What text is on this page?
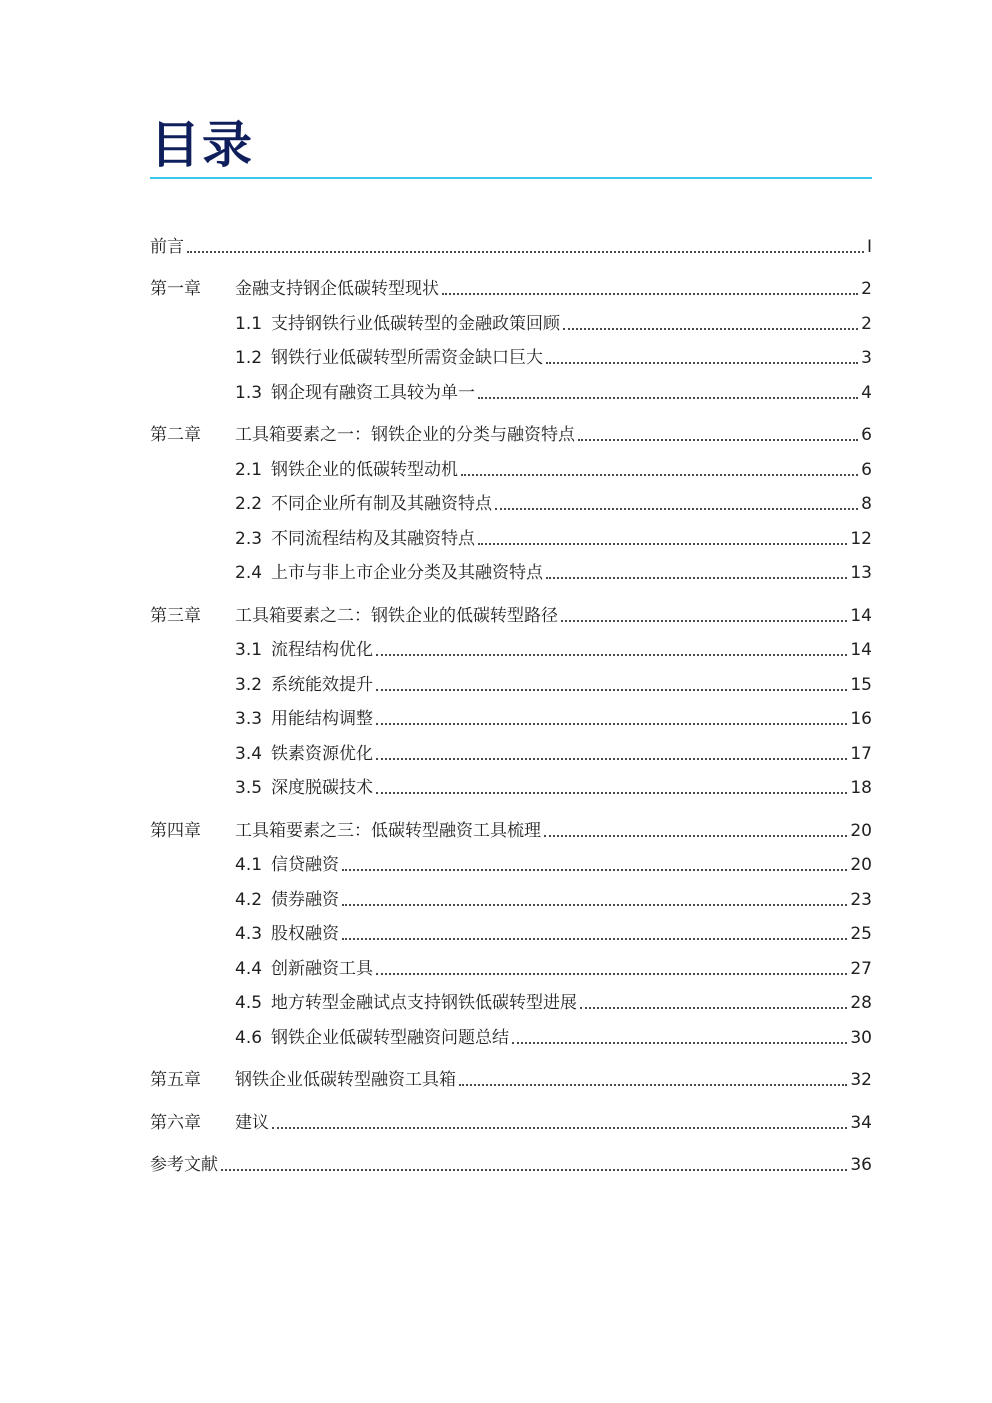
目录
前言	I
第一章	金融支持钢企低碳转型现状	2
1.1 支持钢铁行业低碳转型的金融政策回顾	2
1.2 钢铁行业低碳转型所需资金缺口巨大	3
1.3 钢企现有融资工具较为单一	4
第二章	工具箱要素之一：钢铁企业的分类与融资特点	6
2.1 钢铁企业的低碳转型动机	6
2.2 不同企业所有制及其融资特点	8
2.3 不同流程结构及其融资特点	12
2.4 上市与非上市企业分类及其融资特点	13
第三章	工具箱要素之二：钢铁企业的低碳转型路径	14
3.1 流程结构优化	14
3.2 系统能效提升	15
3.3 用能结构调整	16
3.4 铁素资源优化	17
3.5 深度脱碳技术	18
第四章	工具箱要素之三：低碳转型融资工具梳理	20
4.1 信贷融资	20
4.2 债券融资	23
4.3 股权融资	25
4.4 创新融资工具	27
4.5 地方转型金融试点支持钢铁低碳转型进展	28
4.6 钢铁企业低碳转型融资问题总结	30
第五章	钢铁企业低碳转型融资工具箱	32
第六章	建议	34
参考文献	36
